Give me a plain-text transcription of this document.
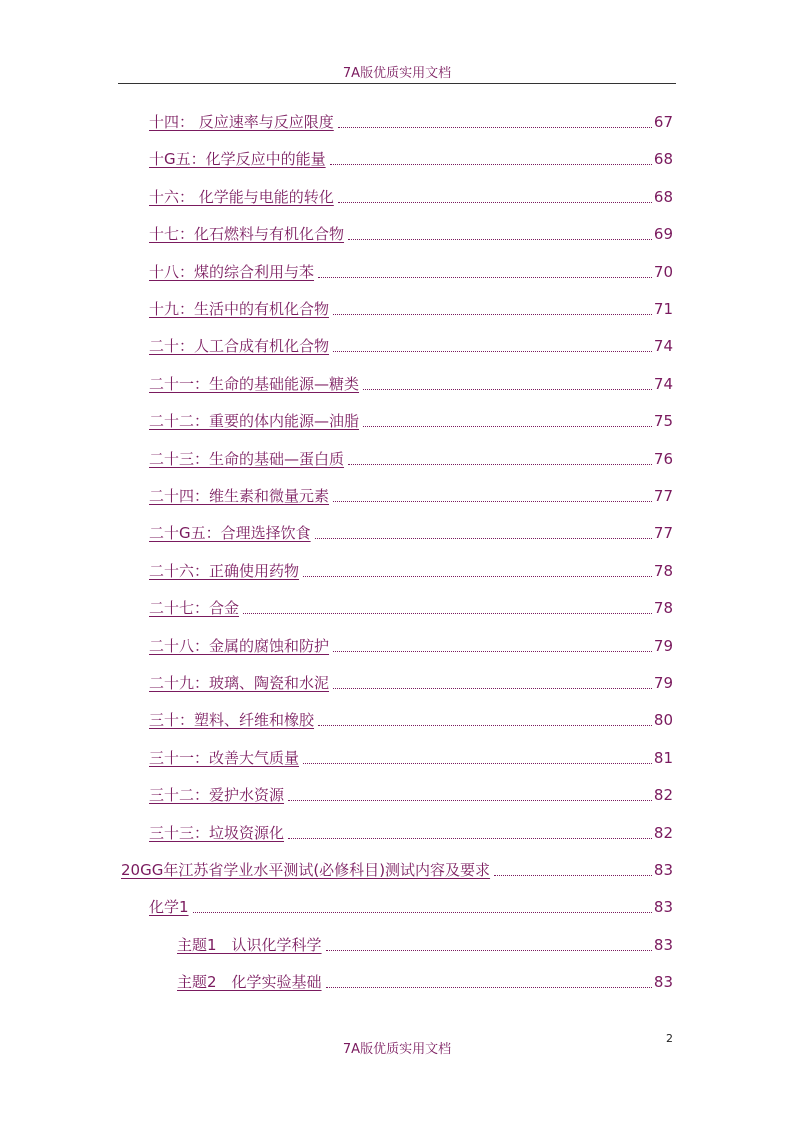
7A版优质实用文档
十四： 反应速率与反应限度	67
十G五：化学反应中的能量	68
十六： 化学能与电能的转化	68
十七：化石燃料与有机化合物	69
十八：煤的综合利用与苯	70
十九：生活中的有机化合物	71
二十：人工合成有机化合物	74
二十一：生命的基础能源—糖类	74
二十二：重要的体内能源—油脂	75
二十三：生命的基础—蛋白质	76
二十四：维生素和微量元素	77
二十G五：合理选择饮食	77
二十六：正确使用药物	78
二十七：合金	78
二十八：金属的腐蚀和防护	79
二十九：玻璃、陶瓷和水泥	79
三十：塑料、纤维和橡胶	80
三十一：改善大气质量	81
三十二：爱护水资源	82
三十三：垃圾资源化	82
20GG年江苏省学业水平测试(必修科目)测试内容及要求	83
化学1	83
主题1　认识化学科学	83
主题2　化学实验基础	83
7A版优质实用文档
2
